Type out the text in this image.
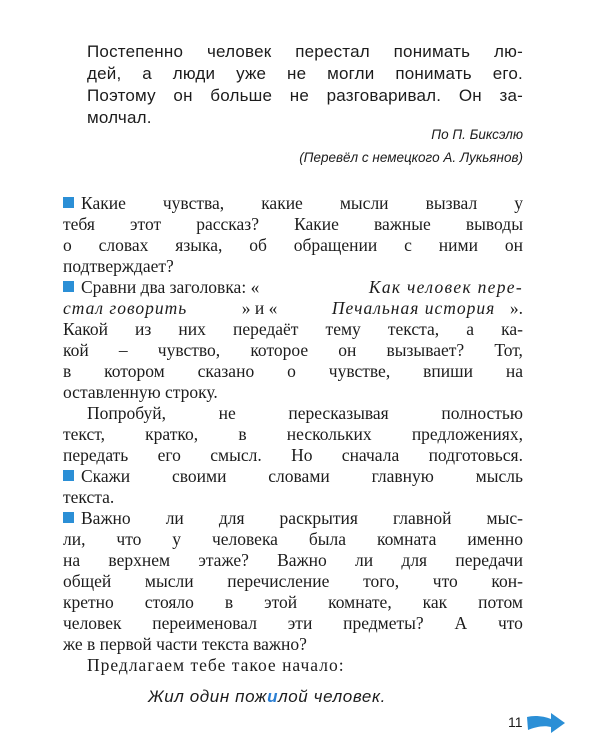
Постепенно человек перестал понимать лю-
дей, а люди уже не могли понимать его.
Поэтому он больше не разговаривал. Он за-
молчал.
По П. Биксэлю
(Перевёл с немецкого А. Лукьянов)
Какие чувства, какие мысли вызвал у
тебя этот рассказ? Какие важные выводы
о словах языка, об обращении с ними он
подтверждает?
Сравни два заголовка: «	Как человек пере-
стал говорить	» и «	Печальная история ».
Какой из них передаёт тему текста, а ка-
кой – чувство, которое он вызывает? Тот,
в котором сказано о чувстве, впиши на
оставленную строку.
Попробуй,	не	пересказывая	полностью
текст, кратко, в нескольких предложениях,
передать его смысл. Но сначала подготовься.
Скажи своими словами главную мысль
текста.
Важно ли для раскрытия главной мыс-
ли, что у человека была комната именно
на верхнем этаже? Важно ли для передачи
общей мысли перечисление того, что кон-
кретно стояло в этой комнате, как потом
человек переименовал эти предметы? А что
же в первой части текста важно?
Предлагаем тебе такое начало:
Жил один пожилой человек.
11
